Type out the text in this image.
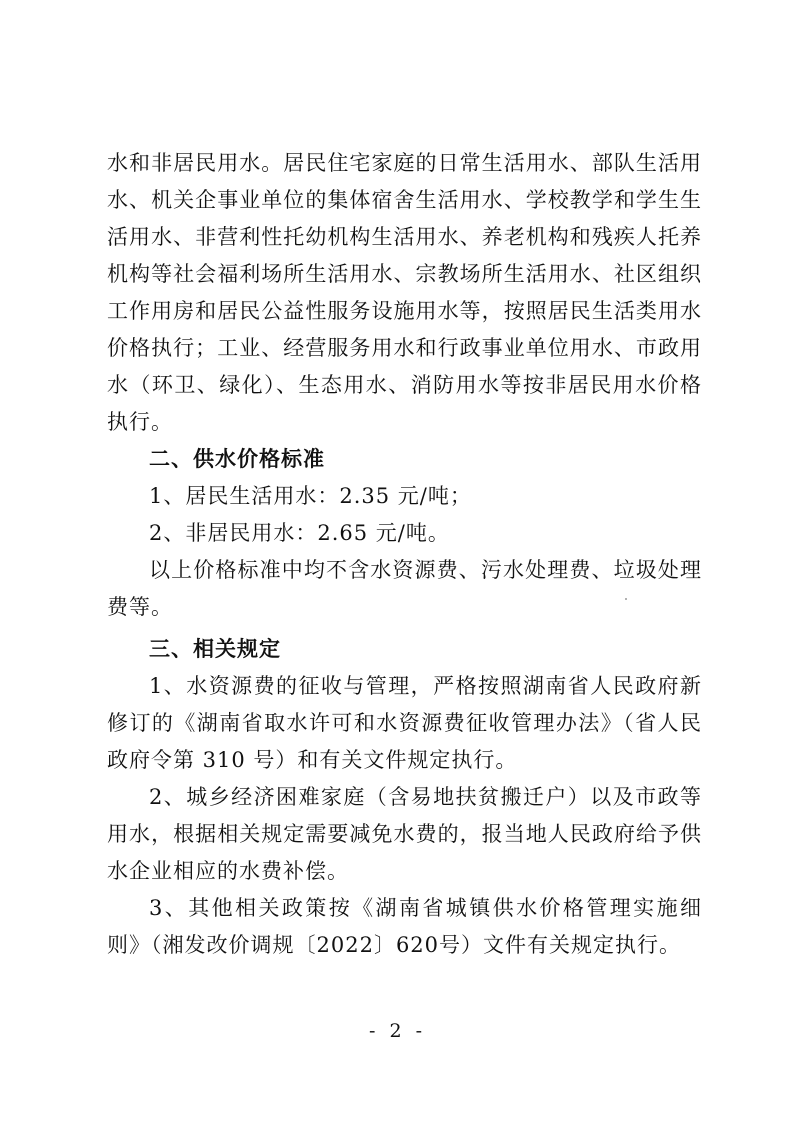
水和非居民用水。居民住宅家庭的日常生活用水、部队生活用水、机关企事业单位的集体宿舍生活用水、学校教学和学生生活用水、非营利性托幼机构生活用水、养老机构和残疾人托养机构等社会福利场所生活用水、宗教场所生活用水、社区组织工作用房和居民公益性服务设施用水等，按照居民生活类用水价格执行；工业、经营服务用水和行政事业单位用水、市政用水（环卫、绿化）、生态用水、消防用水等按非居民用水价格执行。

二、供水价格标准

1、居民生活用水：2.35 元/吨；

2、非居民用水：2.65 元/吨。

以上价格标准中均不含水资源费、污水处理费、垃圾处理费等。

三、相关规定

1、水资源费的征收与管理，严格按照湖南省人民政府新修订的《湖南省取水许可和水资源费征收管理办法》（省人民政府令第 310 号）和有关文件规定执行。

2、城乡经济困难家庭（含易地扶贫搬迁户）以及市政等用水，根据相关规定需要减免水费的，报当地人民政府给予供水企业相应的水费补偿。

3、其他相关政策按《湖南省城镇供水价格管理实施细则》（湘发改价调规〔2022〕620号）文件有关规定执行。

- 2 -
